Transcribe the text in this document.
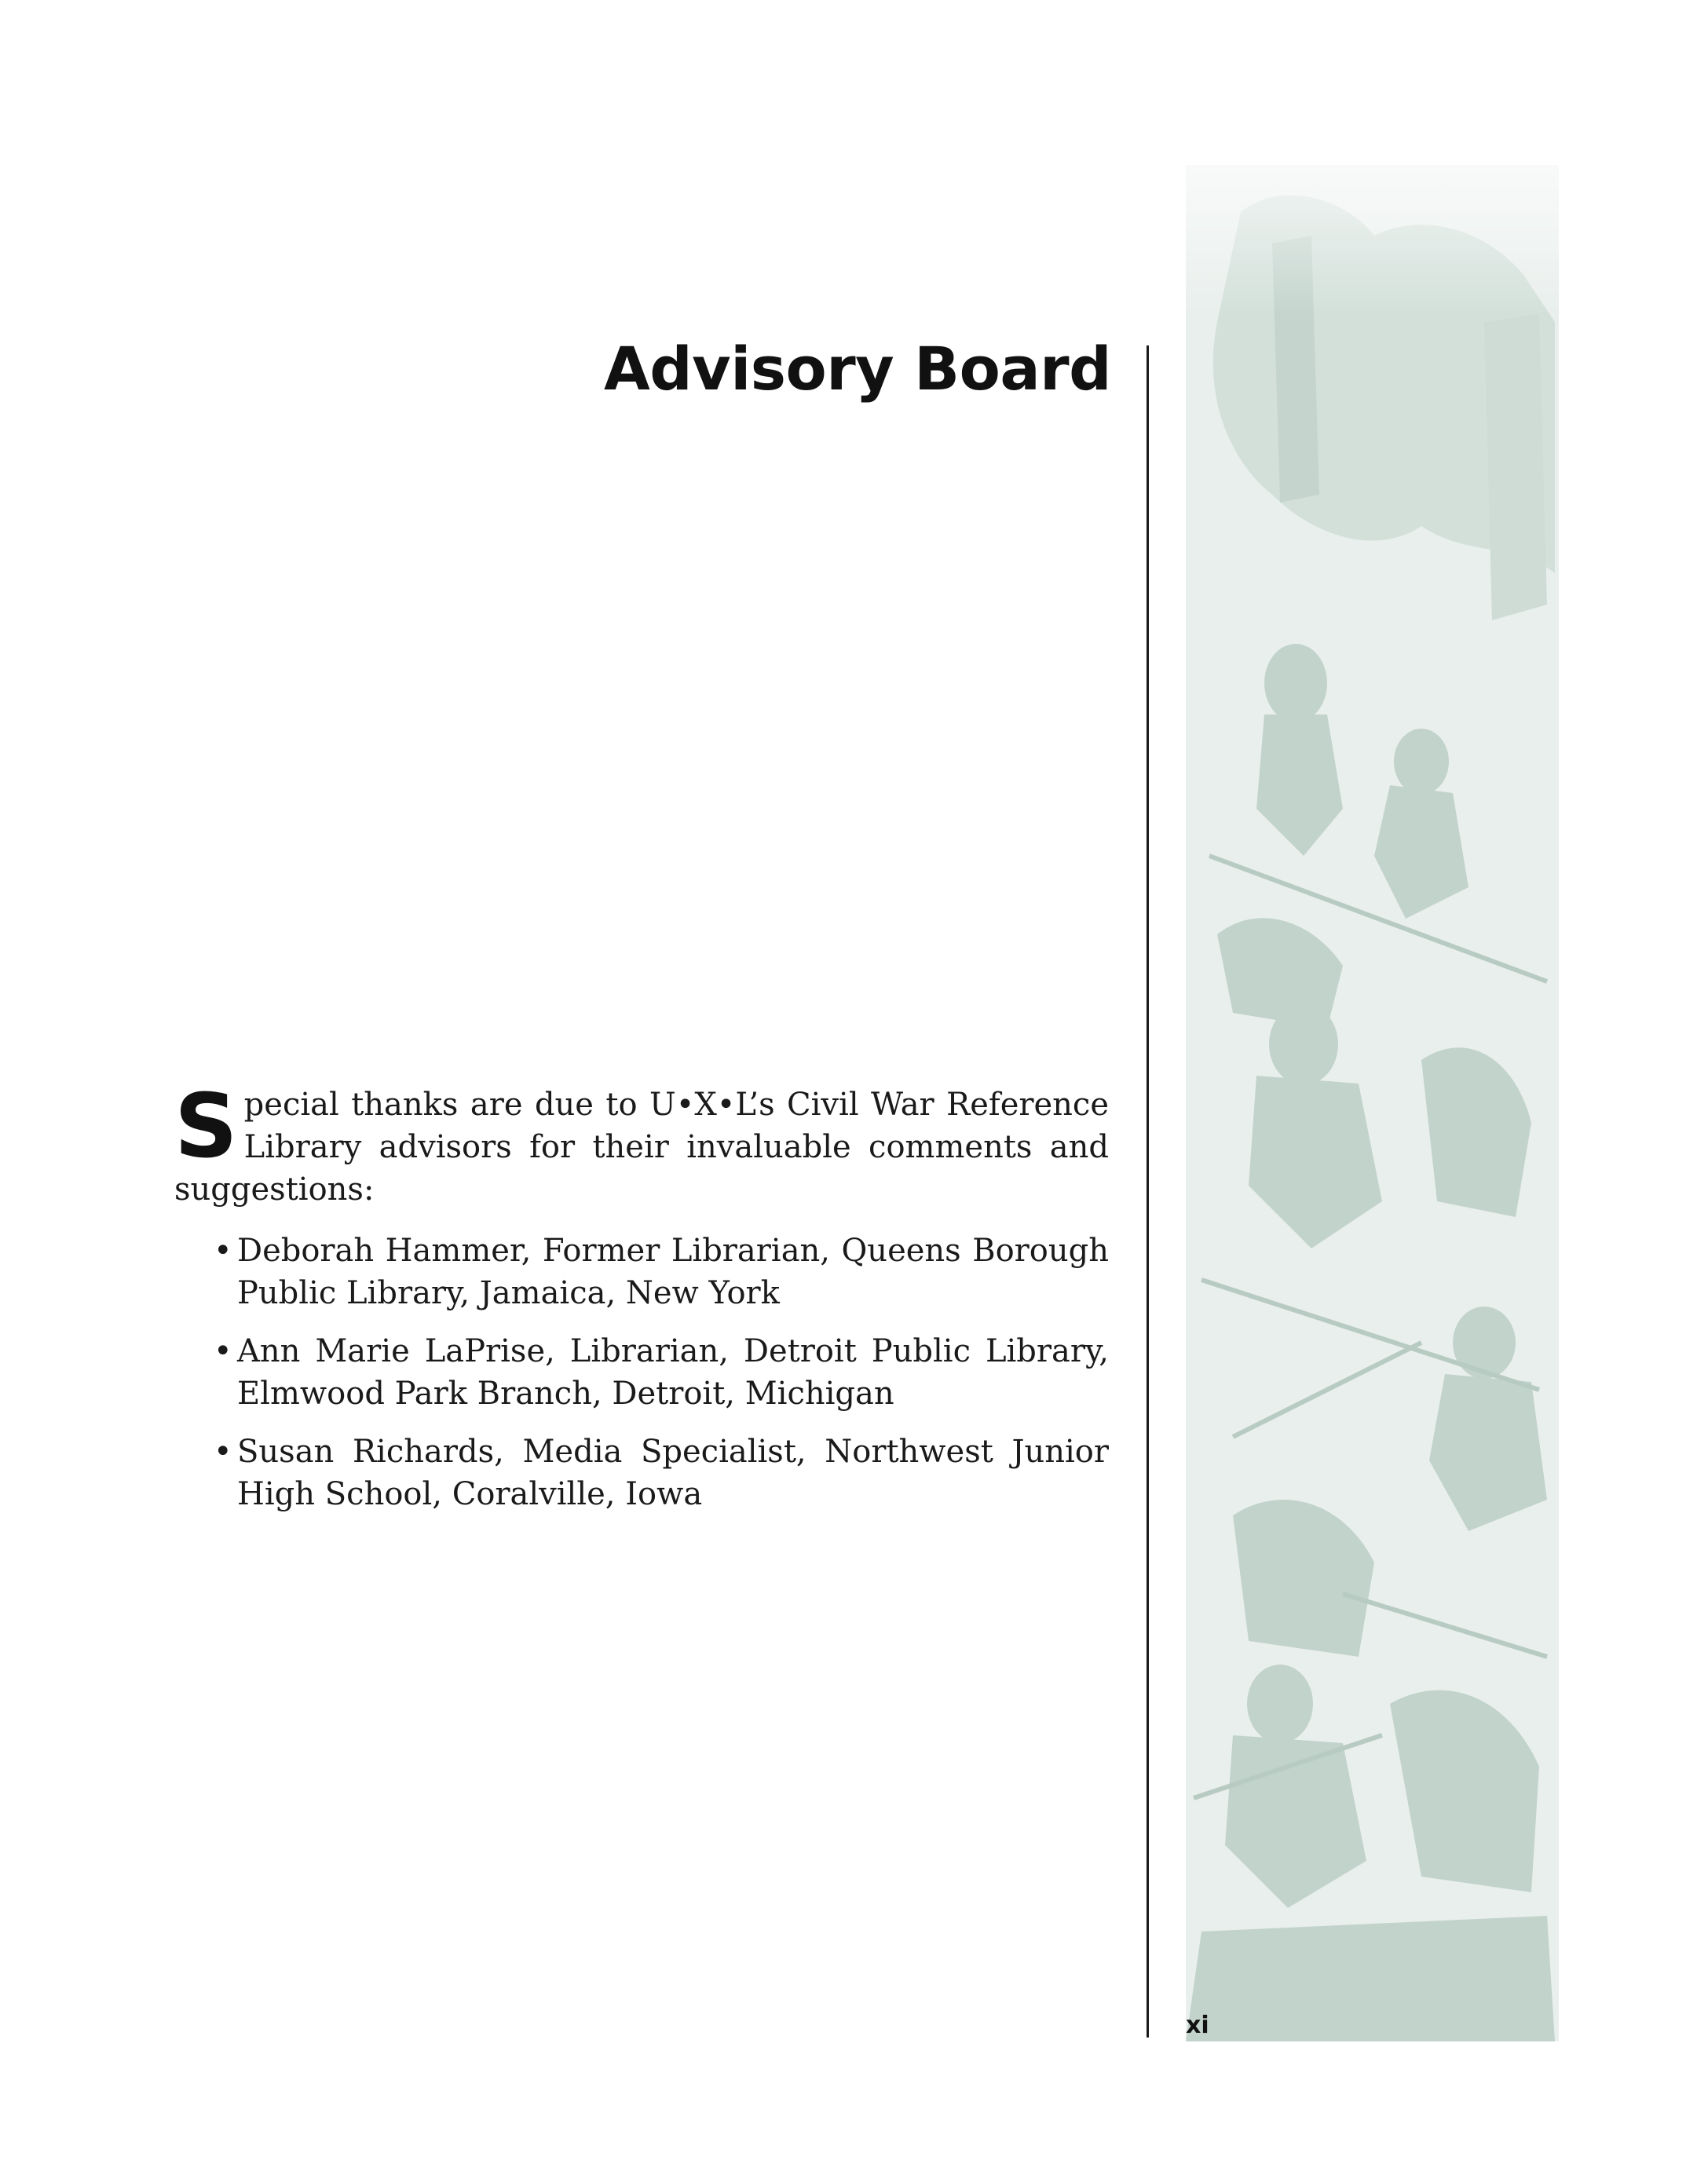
Advisory Board
xi

Special thanks are due to U•X•L’s Civil War Reference Library advisors for their invaluable comments and suggestions:

• Deborah Hammer, Former Librarian, Queens Borough Public Library, Jamaica, New York
• Ann Marie LaPrise, Librarian, Detroit Public Library, Elmwood Park Branch, Detroit, Michigan
• Susan Richards, Media Specialist, Northwest Junior High School, Coralville, Iowa
